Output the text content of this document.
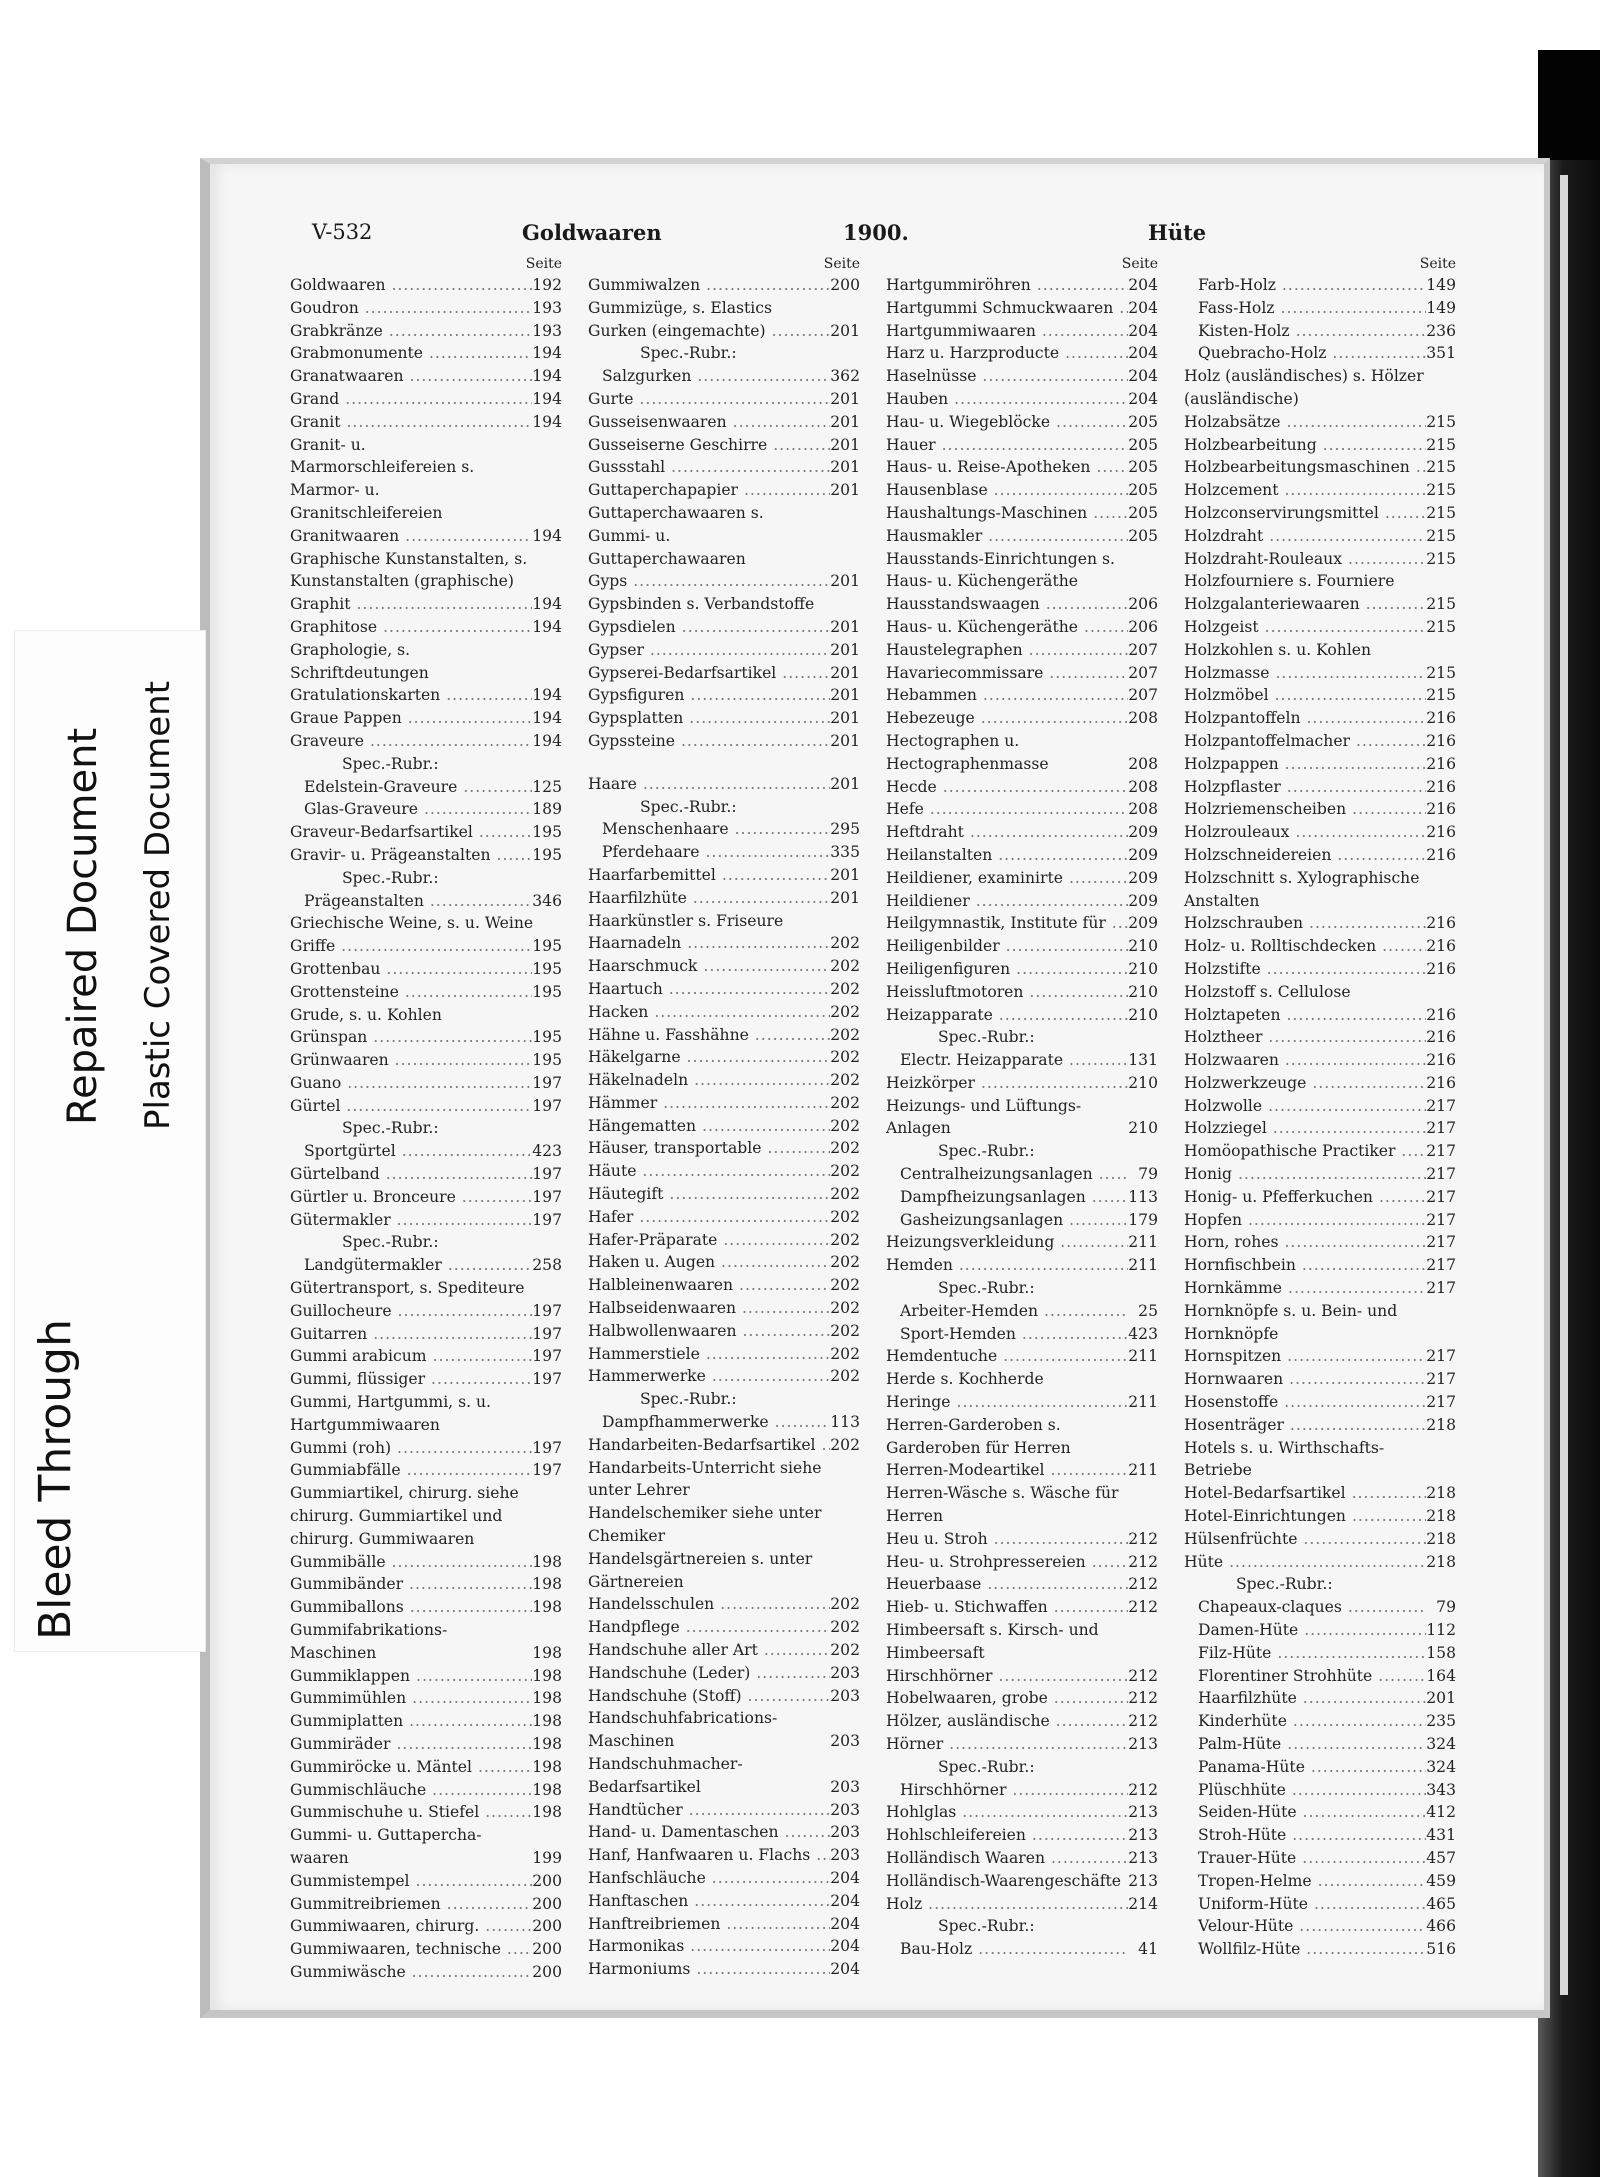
Bleed Through
Repaired Document Plastic Covered Document
V-532	Goldwaaren	1900.	Hüte
Seite
Goldwaaren .....	192
Goudron .....	193
Grabkränze .....	193
Grabmonumente .....	194
Granatwaaren .....	194
Grand .....	194
Granit .....	194
Granit- u. Marmorschleifereien s. Marmor- u. Granitschleifereien
Granitwaaren .....	194
Graphische Kunstanstalten, s. Kunstanstalten (graphische)
Graphit .....	194
Graphitose .....	194
Graphologie, s. Schriftdeutungen
Gratulationskarten .....	194
Graue Pappen .....	194
Graveure .....	194
Spec.-Rubr.:
Edelstein-Graveure .....	125
Glas-Graveure .....	189
Graveur-Bedarfsartikel .....	195
Gravir- u. Prägeanstalten .....	195
Spec.-Rubr.:
Prägeanstalten .....	346
Griechische Weine, s. u. Weine
Griffe .....	195
Grottenbau .....	195
Grottensteine .....	195
Grude, s. u. Kohlen
Grünspan .....	195
Grünwaaren .....	195
Guano .....	197
Gürtel .....	197
Spec.-Rubr.:
Sportgürtel .....	423
Gürtelband .....	197
Gürtler u. Bronceure .....	197
Gütermakler .....	197
Spec.-Rubr.:
Landgütermakler .....	258
Gütertransport, s. Spediteure
Guillocheure .....	197
Guitarren .....	197
Gummi arabicum .....	197
Gummi, flüssiger .....	197
Gummi, Hartgummi, s. u. Hartgummiwaaren
Gummi (roh) .....	197
Gummiabfälle .....	197
Gummiartikel, chirurg. siehe chirurg. Gummiartikel und chirurg. Gummiwaaren
Gummibälle .....	198
Gummibänder .....	198
Gummiballons .....	198
Gummifabrikations-Maschinen	198
Gummiklappen .....	198
Gummimühlen .....	198
Gummiplatten .....	198
Gummiräder .....	198
Gummiröcke u. Mäntel .....	198
Gummischläuche .....	198
Gummischuhe u. Stiefel .....	198
Gummi- u. Guttapercha-waaren	199
Gummistempel .....	200
Gummitreibriemen .....	200
Gummiwaaren, chirurg. .....	200
Gummiwaaren, technische .....	200
Gummiwäsche .....	200
Seite
Gummiwalzen .....	200
Gummizüge, s. Elastics
Gurken (eingemachte) .....	201
Spec.-Rubr.:
Salzgurken .....	362
Gurte .....	201
Gusseisenwaaren .....	201
Gusseiserne Geschirre .....	201
Gussstahl .....	201
Guttaperchapapier .....	201
Guttaperchawaaren s. Gummi- u. Guttaperchawaaren
Gyps .....	201
Gypsbinden s. Verbandstoffe
Gypsdielen .....	201
Gypser .....	201
Gypserei-Bedarfsartikel .....	201
Gypsfiguren .....	201
Gypsplatten .....	201
Gypssteine .....	201
Haare .....	201
Spec.-Rubr.:
Menschenhaare .....	295
Pferdehaare .....	335
Haarfarbemittel .....	201
Haarfilzhüte .....	201
Haarkünstler s. Friseure
Haarnadeln .....	202
Haarschmuck .....	202
Haartuch .....	202
Hacken .....	202
Hähne u. Fasshähne .....	202
Häkelgarne .....	202
Häkelnadeln .....	202
Hämmer .....	202
Hängematten .....	202
Häuser, transportable .....	202
Häute .....	202
Häutegift .....	202
Hafer .....	202
Hafer-Präparate .....	202
Haken u. Augen .....	202
Halbleinenwaaren .....	202
Halbseidenwaaren .....	202
Halbwollenwaaren .....	202
Hammerstiele .....	202
Hammerwerke .....	202
Spec.-Rubr.:
Dampfhammerwerke .....	113
Handarbeiten-Bedarfsartikel ..... 202
Handarbeits-Unterricht siehe unter Lehrer
Handelschemiker siehe unter Chemiker
Handelsgärtnereien s. unter Gärtnereien
Handelsschulen .....	202
Handpflege .....	202
Handschuhe aller Art .....	202
Handschuhe (Leder) .....	203
Handschuhe (Stoff) .....	203
Handschuhfabrications-Maschinen	203
Handschuhmacher-Bedarfsartikel	203
Handtücher .....	203
Hand- u. Damentaschen .....	203
Hanf, Hanfwaaren u. Flachs .....	203
Hanfschläuche .....	204
Hanftaschen .....	204
Hanftreibriemen .....	204
Harmonikas .....	204
Harmoniums .....	204
Seite
Hartgummiröhren .....	204
Hartgummi Schmuckwaaren ..... 204
Hartgummiwaaren .....	204
Harz u. Harzproducte .....	204
Haselnüsse .....	204
Hauben .....	204
Hau- u. Wiegeblöcke .....	205
Hauer .....	205
Haus- u. Reise-Apotheken .....	205
Hausenblase .....	205
Haushaltungs-Maschinen .....	205
Hausmakler .....	205
Hausstands-Einrichtungen s. Haus- u. Küchengeräthe
Hausstandswaagen .....	206
Haus- u. Küchengeräthe .....	206
Haustelegraphen .....	207
Havariecommissare .....	207
Hebammen .....	207
Hebezeuge .....	208
Hectographen u. Hectographenmasse	208
Hecde .....	208
Hefe .....	208
Heftdraht .....	209
Heilanstalten .....	209
Heildiener, examinirte .....	209
Heildiener .....	209
Heilgymnastik, Institute für .....	209
Heiligenbilder .....	210
Heiligenfiguren .....	210
Heissluftmotoren .....	210
Heizapparate .....	210
Spec.-Rubr.:
Electr. Heizapparate .....	131
Heizkörper .....	210
Heizungs- und Lüftungs-Anlagen	210
Spec.-Rubr.:
Centralheizungsanlagen .....	79
Dampfheizungsanlagen .....	113
Gasheizungsanlagen .....	179
Heizungsverkleidung .....	211
Hemden .....	211
Spec.-Rubr.:
Arbeiter-Hemden .....	25
Sport-Hemden .....	423
Hemdentuche .....	211
Herde s. Kochherde
Heringe .....	211
Herren-Garderoben s. Garderoben für Herren
Herren-Modeartikel .....	211
Herren-Wäsche s. Wäsche für Herren
Heu u. Stroh .....	212
Heu- u. Strohpressereien .....	212
Heuerbaase .....	212
Hieb- u. Stichwaffen .....	212
Himbeersaft s. Kirsch- und Himbeersaft
Hirschhörner .....	212
Hobelwaaren, grobe .....	212
Hölzer, ausländische .....	212
Hörner .....	213
Spec.-Rubr.:
Hirschhörner .....	212
Hohlglas .....	213
Hohlschleifereien .....	213
Holländisch Waaren .....	213
Holländisch-Waarengeschäfte ..... 213
Holz .....	214
Spec.-Rubr.:
Bau-Holz .....	41
Seite
Farb-Holz .....	149
Fass-Holz .....	149
Kisten-Holz .....	236
Quebracho-Holz .....	351
Holz (ausländisches) s. Hölzer (ausländische)
Holzabsätze .....	215
Holzbearbeitung .....	215
Holzbearbeitungsmaschinen .....	215
Holzcement .....	215
Holzconservirungsmittel .....	215
Holzdraht .....	215
Holzdraht-Rouleaux .....	215
Holzfourniere s. Fourniere
Holzgalanteriewaaren .....	215
Holzgeist .....	215
Holzkohlen s. u. Kohlen
Holzmasse .....	215
Holzmöbel .....	215
Holzpantoffeln .....	216
Holzpantoffelmacher .....	216
Holzpappen .....	216
Holzpflaster .....	216
Holzriemenscheiben .....	216
Holzrouleaux .....	216
Holzschneidereien .....	216
Holzschnitt s. Xylographische Anstalten
Holzschrauben .....	216
Holz- u. Rolltischdecken .....	216
Holzstifte .....	216
Holzstoff s. Cellulose
Holztapeten .....	216
Holztheer .....	216
Holzwaaren .....	216
Holzwerkzeuge .....	216
Holzwolle .....	217
Holzziegel .....	217
Homöopathische Practiker .....	217
Honig .....	217
Honig- u. Pfefferkuchen .....	217
Hopfen .....	217
Horn, rohes .....	217
Hornfischbein .....	217
Hornkämme .....	217
Hornknöpfe s. u. Bein- und Hornknöpfe
Hornspitzen .....	217
Hornwaaren .....	217
Hosenstoffe .....	217
Hosenträger .....	218
Hotels s. u. Wirthschafts-Betriebe
Hotel-Bedarfsartikel .....	218
Hotel-Einrichtungen .....	218
Hülsenfrüchte .....	218
Hüte .....	218
Spec.-Rubr.:
Chapeaux-claques .....	79
Damen-Hüte .....	112
Filz-Hüte .....	158
Florentiner Strohhüte .....	164
Haarfilzhüte .....	201
Kinderhüte .....	235
Palm-Hüte .....	324
Panama-Hüte .....	324
Plüschhüte .....	343
Seiden-Hüte .....	412
Stroh-Hüte .....	431
Trauer-Hüte .....	457
Tropen-Helme .....	459
Uniform-Hüte .....	465
Velour-Hüte .....	466
Wollfilz-Hüte .....	516
